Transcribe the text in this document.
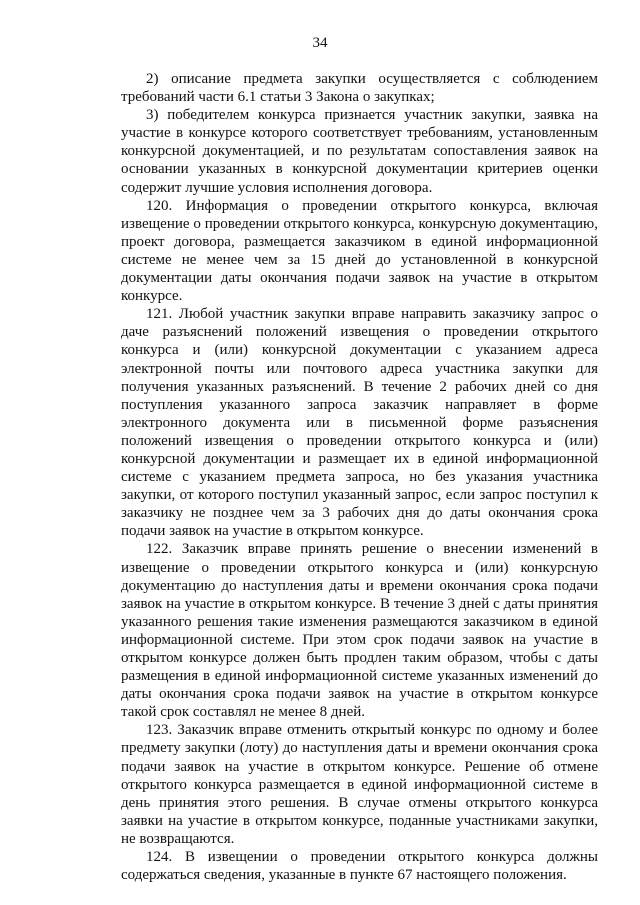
34

2) описание предмета закупки осуществляется с соблюдением требований части 6.1 статьи 3 Закона о закупках;

3) победителем конкурса признается участник закупки, заявка на участие в конкурсе которого соответствует требованиям, установленным конкурсной документацией, и по результатам сопоставления заявок на основании указанных в конкурсной документации критериев оценки содержит лучшие условия исполнения договора.

120. Информация о проведении открытого конкурса, включая извещение о проведении открытого конкурса, конкурсную документацию, проект договора, размещается заказчиком в единой информационной системе не менее чем за 15 дней до установленной в конкурсной документации даты окончания подачи заявок на участие в открытом конкурсе.

121. Любой участник закупки вправе направить заказчику запрос о даче разъяснений положений извещения о проведении открытого конкурса и (или) конкурсной документации с указанием адреса электронной почты или почтового адреса участника закупки для получения указанных разъяснений. В течение 2 рабочих дней со дня поступления указанного запроса заказчик направляет в форме электронного документа или в письменной форме разъяснения положений извещения о проведении открытого конкурса и (или) конкурсной документации и размещает их в единой информационной системе с указанием предмета запроса, но без указания участника закупки, от которого поступил указанный запрос, если запрос поступил к заказчику не позднее чем за 3 рабочих дня до даты окончания срока подачи заявок на участие в открытом конкурсе.

122. Заказчик вправе принять решение о внесении изменений в извещение о проведении открытого конкурса и (или) конкурсную документацию до наступления даты и времени окончания срока подачи заявок на участие в открытом конкурсе. В течение 3 дней с даты принятия указанного решения такие изменения размещаются заказчиком в единой информационной системе. При этом срок подачи заявок на участие в открытом конкурсе должен быть продлен таким образом, чтобы с даты размещения в единой информационной системе указанных изменений до даты окончания срока подачи заявок на участие в открытом конкурсе такой срок составлял не менее 8 дней.

123. Заказчик вправе отменить открытый конкурс по одному и более предмету закупки (лоту) до наступления даты и времени окончания срока подачи заявок на участие в открытом конкурсе. Решение об отмене открытого конкурса размещается в единой информационной системе в день принятия этого решения. В случае отмены открытого конкурса заявки на участие в открытом конкурсе, поданные участниками закупки, не возвращаются.

124. В извещении о проведении открытого конкурса должны содержаться сведения, указанные в пункте 67 настоящего положения.
